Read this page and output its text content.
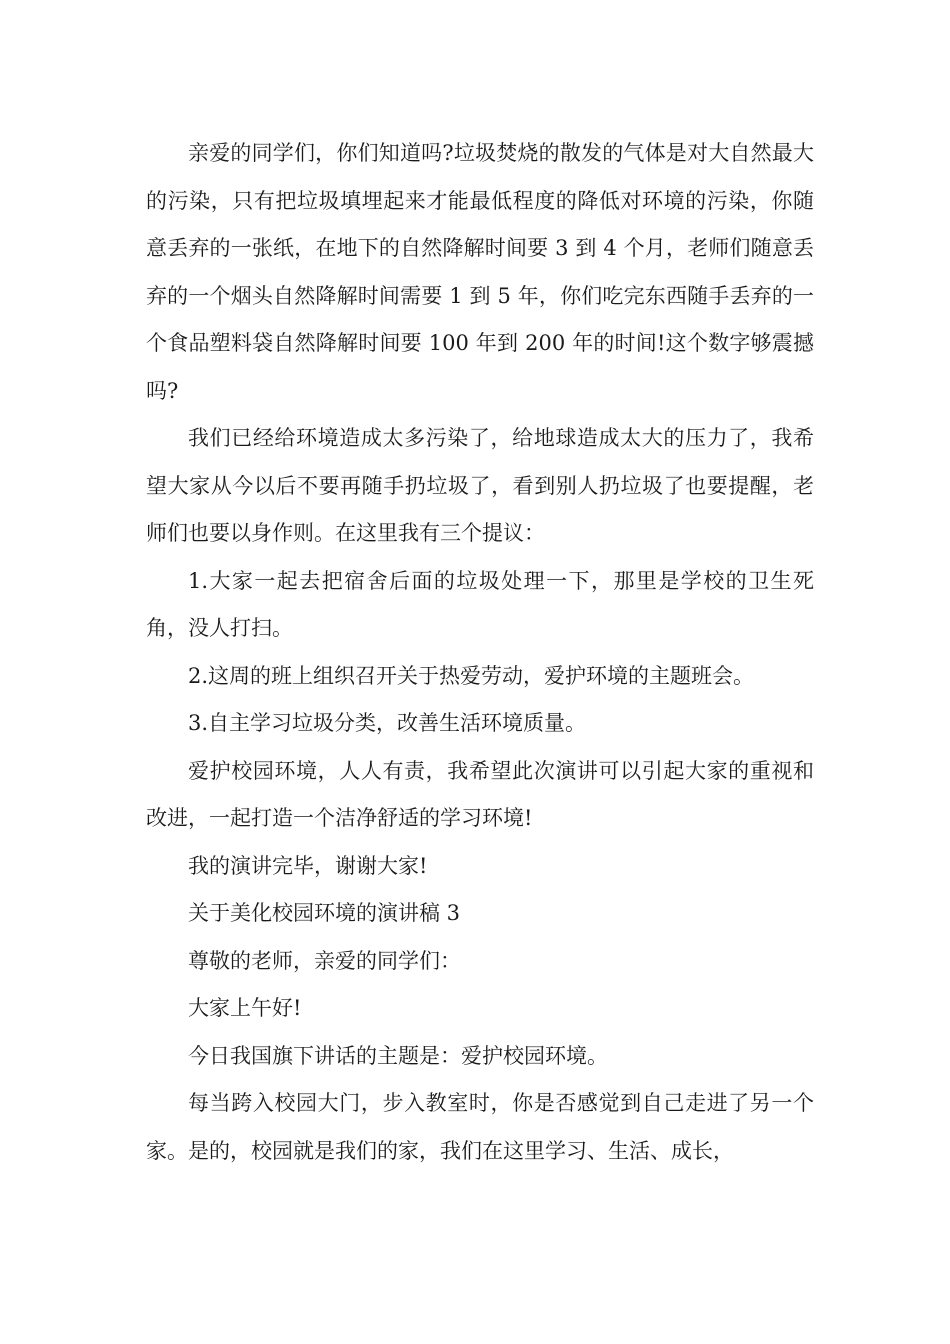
亲爱的同学们，你们知道吗?垃圾焚烧的散发的气体是对大自然最大的污染，只有把垃圾填埋起来才能最低程度的降低对环境的污染，你随意丢弃的一张纸，在地下的自然降解时间要 3 到 4 个月，老师们随意丢弃的一个烟头自然降解时间需要 1 到 5 年，你们吃完东西随手丢弃的一个食品塑料袋自然降解时间要 100 年到 200 年的时间!这个数字够震撼吗?

我们已经给环境造成太多污染了，给地球造成太大的压力了，我希望大家从今以后不要再随手扔垃圾了，看到别人扔垃圾了也要提醒，老师们也要以身作则。在这里我有三个提议：

1.大家一起去把宿舍后面的垃圾处理一下，那里是学校的卫生死角，没人打扫。

2.这周的班上组织召开关于热爱劳动，爱护环境的主题班会。

3.自主学习垃圾分类，改善生活环境质量。

爱护校园环境，人人有责，我希望此次演讲可以引起大家的重视和改进，一起打造一个洁净舒适的学习环境!

我的演讲完毕，谢谢大家!

关于美化校园环境的演讲稿 3

尊敬的老师，亲爱的同学们：

大家上午好!

今日我国旗下讲话的主题是：爱护校园环境。

每当跨入校园大门，步入教室时，你是否感觉到自己走进了另一个家。是的，校园就是我们的家，我们在这里学习、生活、成长，
